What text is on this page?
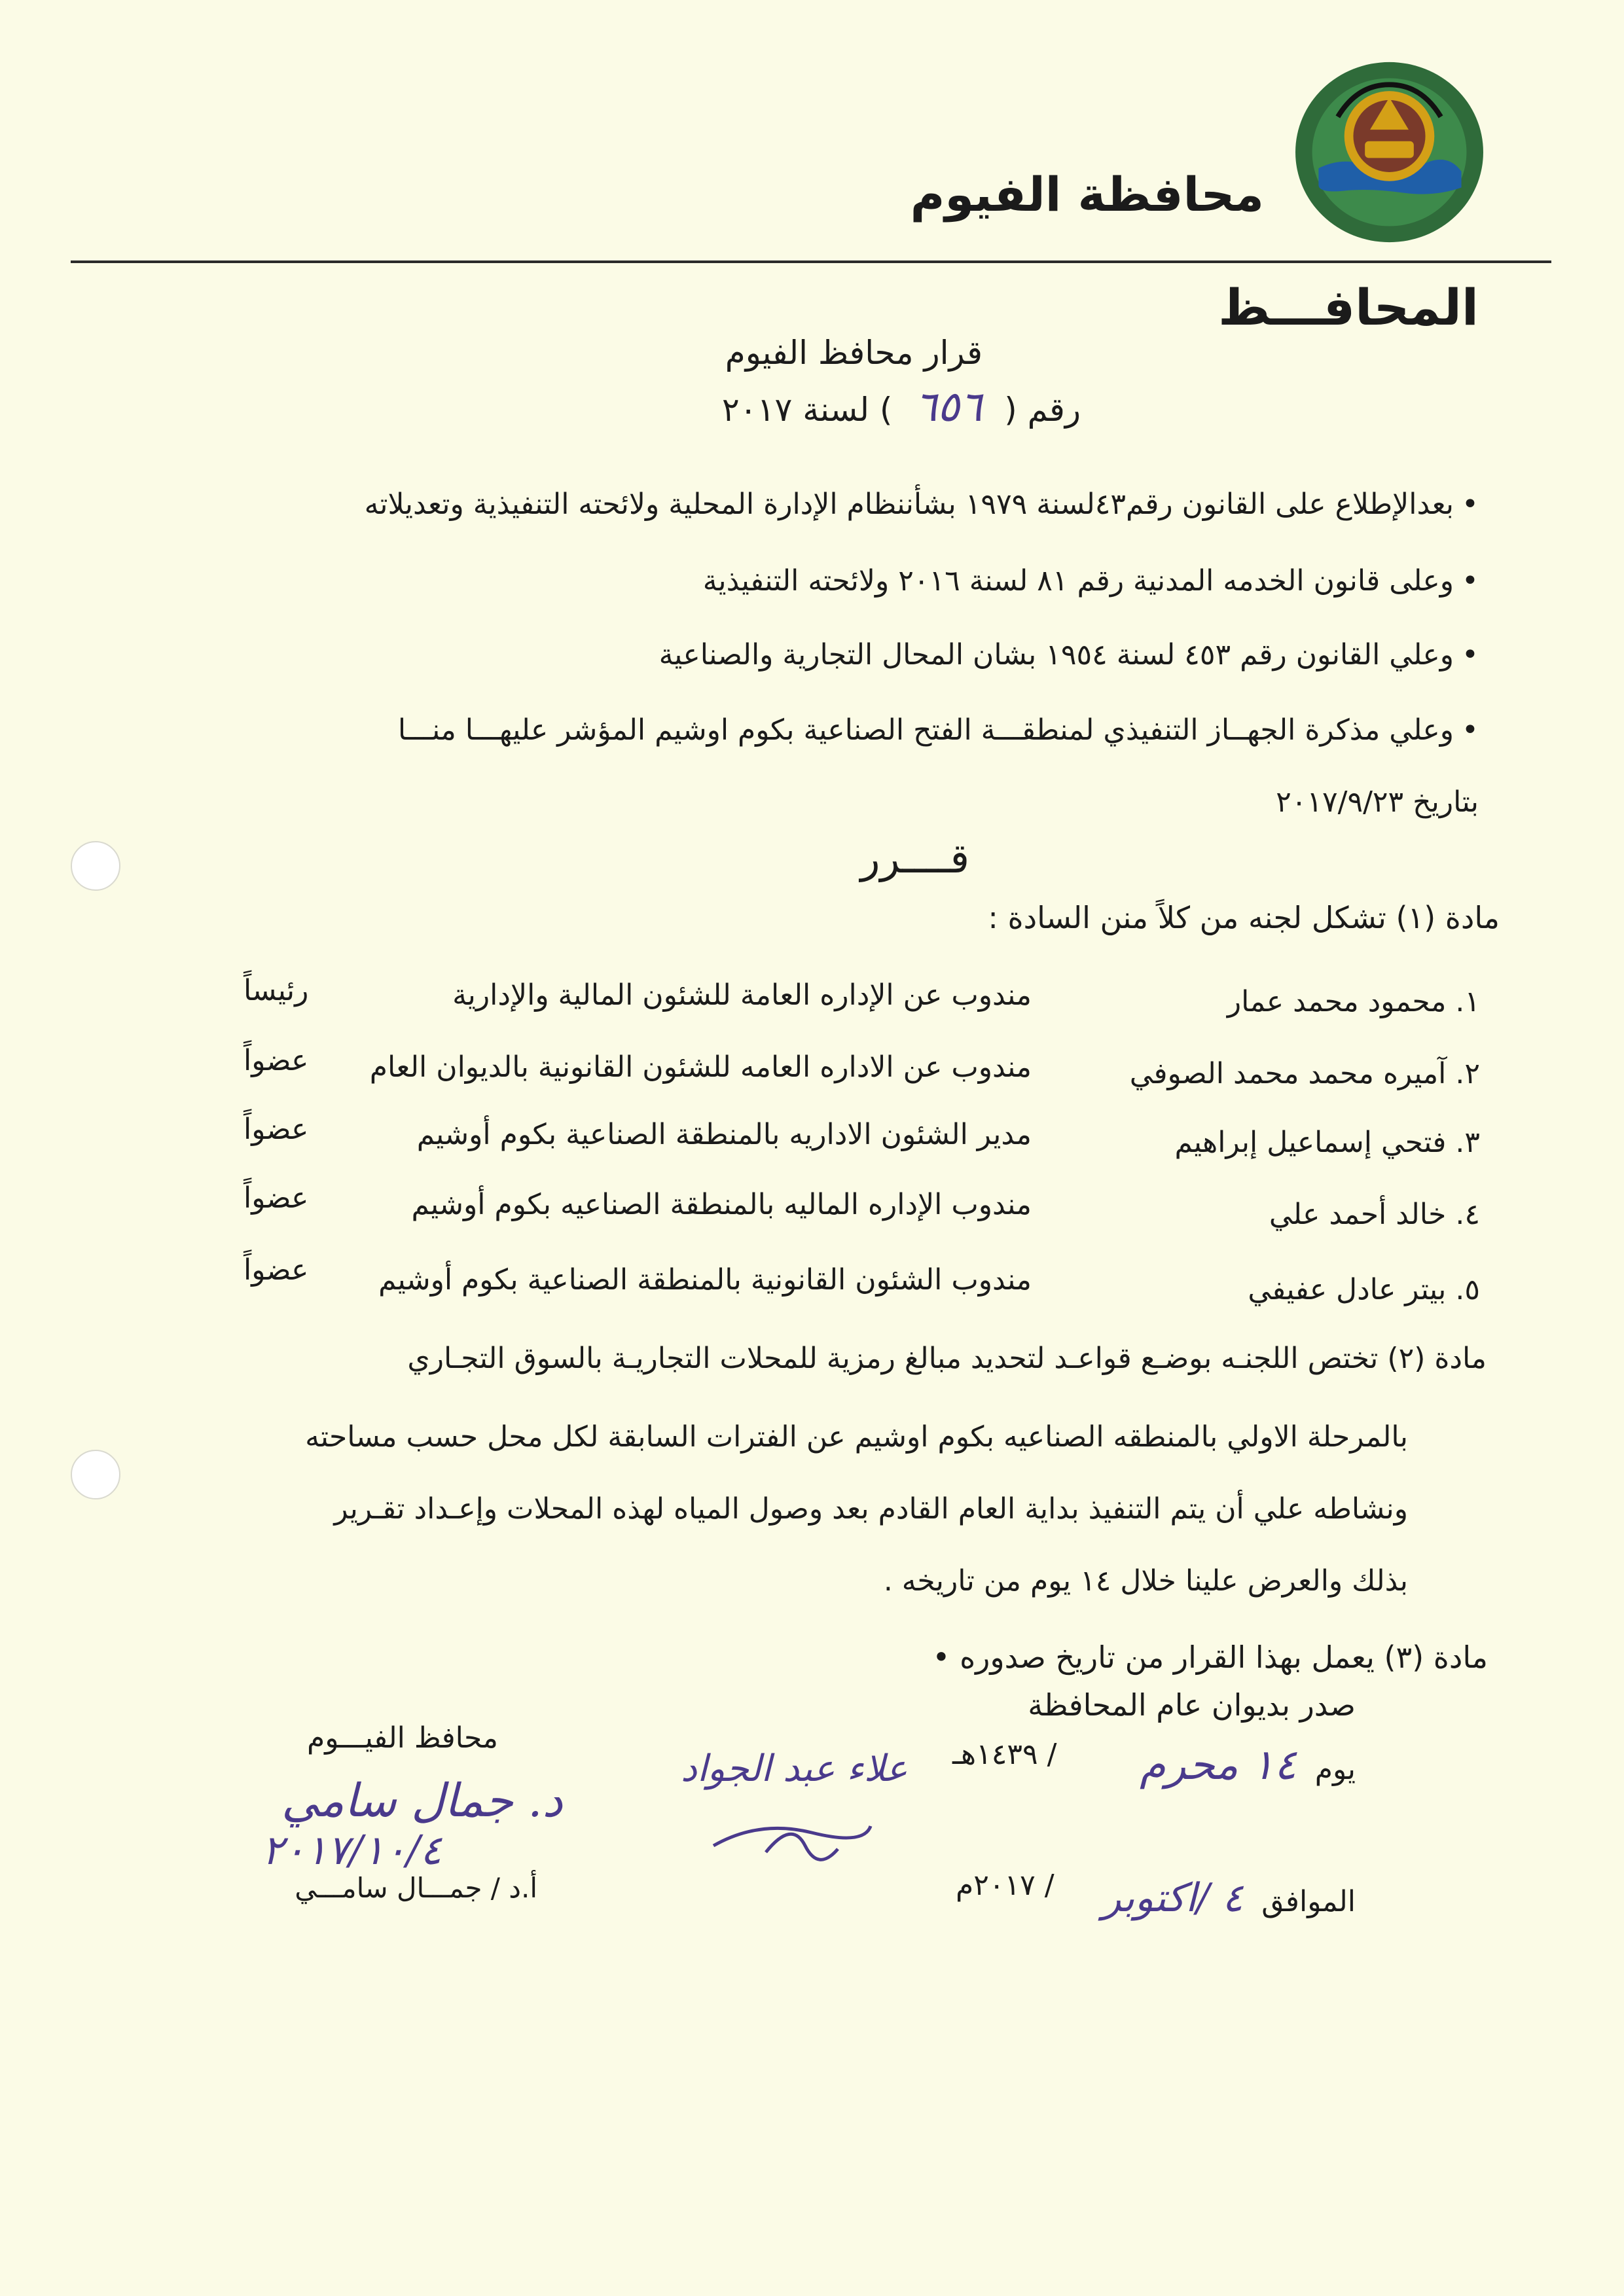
محافظة الفيوم
المحافـــظ
قرار محافظ الفيوم
رقم ( ٦٥٦ ) لسنة ٢٠١٧
•بعدالإطلاع على القانون رقم٤٣لسنة ١٩٧٩ بشأننظام الإدارة المحلية ولائحته التنفيذية وتعديلاته
•وعلى قانون الخدمه المدنية رقم ٨١ لسنة ٢٠١٦ ولائحته التنفيذية
•وعلي القانون رقم ٤٥٣ لسنة ١٩٥٤ بشان المحال التجارية والصناعية
•وعلي مذكرة الجهــاز التنفيذي لمنطقـــة الفتح الصناعية بكوم اوشيم المؤشر عليهـــا منـــا
بتاريخ ٢٠١٧/٩/٢٣
قــــرر
مادة (١) تشكل لجنه من كلاً منن السادة :
١. محمود محمد عمار
مندوب عن الإداره العامة للشئون المالية والإدارية
رئيساً
٢. آميره محمد محمد الصوفي
مندوب عن الاداره العامه للشئون القانونية بالديوان العام
عضواً
٣. فتحي إسماعيل إبراهيم
مدير الشئون الاداريه بالمنطقة الصناعية بكوم أوشيم
عضواً
٤. خالد أحمد علي
مندوب الإداره الماليه بالمنطقة الصناعيه بكوم أوشيم
عضواً
٥. بيتر عادل عفيفي
مندوب الشئون القانونية بالمنطقة الصناعية بكوم أوشيم
عضواً
مادة (٢) تختص اللجنـه بوضـع قواعـد لتحديد مبالغ رمزية للمحلات التجاريـة بالسوق التجـاري
بالمرحلة الاولي بالمنطقه الصناعيه بكوم اوشيم عن الفترات السابقة لكل محل حسب مساحته
ونشاطه علي أن يتم التنفيذ بداية العام القادم بعد وصول المياه لهذه المحلات وإعـداد تقـرير
بذلك والعرض علينا خلال ١٤ يوم من تاريخه .
مادة (٣) يعمل بهذا القرار من تاريخ صدوره •
صدر بديوان عام المحافظة
يوم ١٤ محرم
/ ١٤٣٩هـ
الموافق ٤ /اكتوبر
/ ٢٠١٧م
علاء عبد الجواد
محافظ الفيـــوم
د. جمال سامي
٢٠١٧/١٠/٤
أ.د / جمـــال سامـــي
